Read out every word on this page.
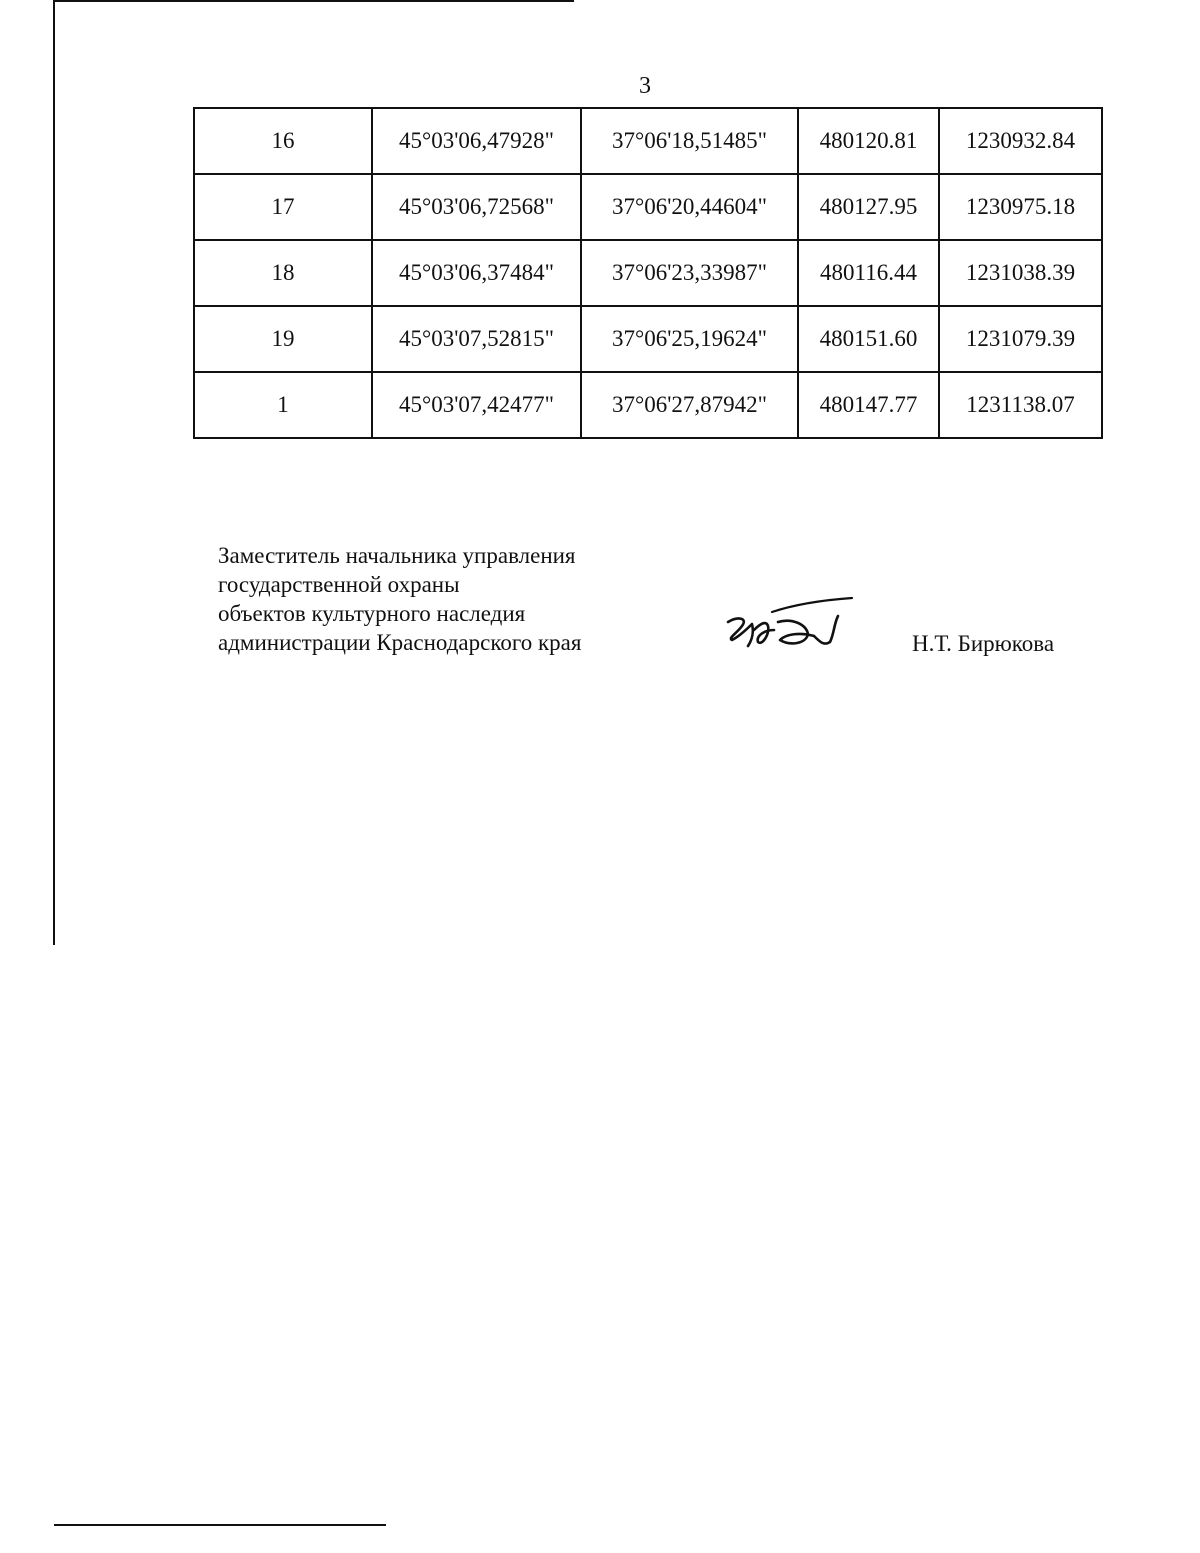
3
16	45°03'06,47928"	37°06'18,51485"	480120.81	1230932.84
17	45°03'06,72568"	37°06'20,44604"	480127.95	1230975.18
18	45°03'06,37484"	37°06'23,33987"	480116.44	1231038.39
19	45°03'07,52815"	37°06'25,19624"	480151.60	1231079.39
1	45°03'07,42477"	37°06'27,87942"	480147.77	1231138.07
Заместитель начальника управления
государственной охраны
объектов культурного наследия
администрации Краснодарского края	Н.Т. Бирюкова
